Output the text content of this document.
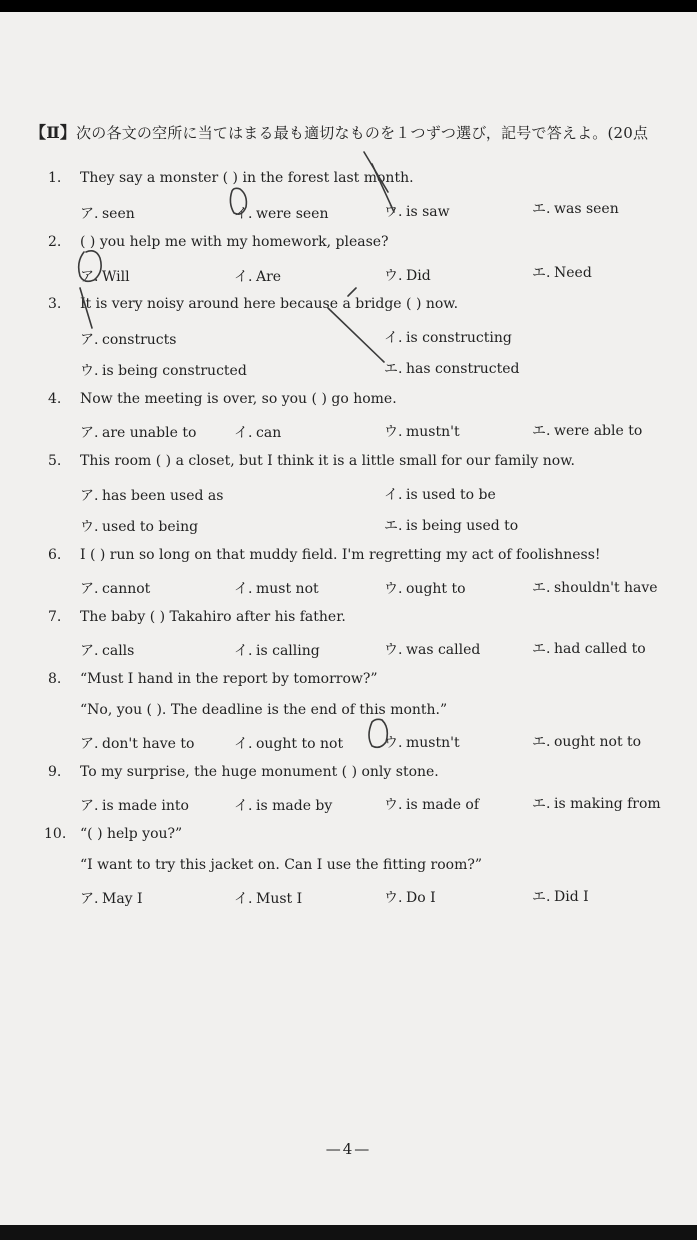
【Ⅱ】次の各文の空所に当てはまる最も適切なものを１つずつ選び，記号で答えよ。(20点
1.	They say a monster ( ) in the forest last month.
ア. seen	イ. were seen	ウ. is saw	エ. was seen
2.	( ) you help me with my homework, please?
ア. Will	イ. Are	ウ. Did	エ. Need
3.	It is very noisy around here because a bridge ( ) now.
ア. constructs	イ. is constructing
ウ. is being constructed	エ. has constructed
4.	Now the meeting is over, so you ( ) go home.
ア. are unable to	イ. can	ウ. mustn't	エ. were able to
5.	This room ( ) a closet, but I think it is a little small for our family now.
ア. has been used as	イ. is used to be
ウ. used to being	エ. is being used to
6.	I ( ) run so long on that muddy field. I'm regretting my act of foolishness!
ア. cannot	イ. must not	ウ. ought to	エ. shouldn't have
7.	The baby ( ) Takahiro after his father.
ア. calls	イ. is calling	ウ. was called	エ. had called to
8.	“Must I hand in the report by tomorrow?”
“No, you ( ). The deadline is the end of this month.”
ア. don't have to	イ. ought to not	ウ. mustn't	エ. ought not to
9.	To my surprise, the huge monument ( ) only stone.
ア. is made into	イ. is made by	ウ. is made of	エ. is making from
10. “( ) help you?”
“I want to try this jacket on. Can I use the fitting room?”
ア. May I	イ. Must I	ウ. Do I	エ. Did I
—4—
